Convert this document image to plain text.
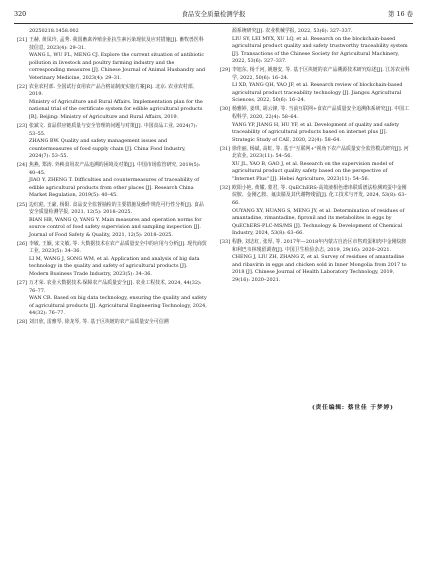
320	食品安全质量检测学报	第 16 卷
20250218.1458.002
[21] 王赫, 黄凤玲, 孟秀. 我国畜禽养殖企业抗生素污染现状及应对措施[J]. 畜牧兽医科技信息, 2023(4): 29–31.
WANG L, WU FL, MENG CJ. Explore the current situation of antibiotic pollution in livestock and poultry farming industry and the corresponding measures [J]. Chinese Journal of Animal Husbandry and Veterinary Medicine, 2023(4): 29–31.
[22] 农业农村部. 全国试行食用农产品合格证制度实施方案[R]. 北京: 农业农村部, 2019.
Ministry of Agriculture and Rural Affairs. Implementation plan for the national trial of the certificate system for edible agricultural products [R]. Beijing: Ministry of Agriculture and Rural Affairs, 2019.
[23] 张斌文. 食品供应链质量与安全管理的问题与对策[J]. 中国食品工业, 2024(7): 53–55.
ZHANG BW. Quality and safety management issues and countermeasures of food supply chain [J]. China Food Industry, 2024(7): 53–55.
[24] 焦燕, 郑涛. 外秧食用农产品追溯的困境及对策[J]. 中国市场监管研究, 2019(5): 40–45.
JIAO Y, ZHENG T. Difficulties and countermeasures of traceability of edible agricultural products from other places [J]. Research China Market Regulation, 2019(5): 40–45.
[25] 边红彪, 王豪, 杨阳. 食品安全监督抽检的主要措施及操作规范可行性分析[J]. 食品安全质量检测学报, 2021, 12(5): 2018–2025.
BIAN HB, WANG Q, YANG Y. Main measures and operation norms for source control of food safety supervision and sampling inspection [J]. Journal of Food Safety & Quality, 2021, 12(5): 2018–2025.
[26] 李敏, 王颖, 宋文敏, 等. 大数据技术在农产品质量安全中的应用与分析[J]. 现代商贸工业, 2023(5): 34–36.
LI M, WANG J, SONG WM, et al. Application and analysis of big data technology in the quality and safety of agricultural products [J]. Modern Business Trade Industry, 2023(5): 34–36.
[27] 万才荣. 农业大数据技术:保障农产品质量安全[J]. 农业工程技术, 2024, 44(32): 76–77.
WAN CR. Based on big data technology, ensuring the quality and safety of agricultural products [J]. Agricultural Engineering Technology, 2024, 44(32): 76–77.
[28] 刘日欣, 雷雅琴, 徐龙琴, 等. 基于区块链的农产品质量安全可信溯
源系统研究[J]. 农业机械学报, 2022, 53(6): 327–337.
LIU SY, LEI MYX, XU LQ, et al. Research on the blockchain-based agricultural product quality and safety trustworthy traceability system [J]. Transactions of the Chinese Society for Agricultural Machinery, 2022, 53(6): 327–337.
[29] 李旭东, 杨千河, 姚惠安, 等. 基于区块链的农产品溯源技术研究综述[J]. 江苏农业科学, 2022, 50(6): 16–24.
LI XD, YANG QH, YAO JF, et al. Research review of blockchain-based agricultural product traceability technology [J]. Jiangsu Agricultural Sciences, 2022, 50(6): 16–24.
[30] 杨雅婷, 姜琪, 胡云锋, 等. 当前互联网+食农产品质量安全追溯体系研究[J]. 中国工程科学, 2020, 22(4): 58–64.
YANG YP, JIANG H, HU YF, et al. Development of quality and safety traceability of agricultural products based on internet plus [J]. Strategic Study of CAE, 2020, 22(4): 58–64.
[31] 徐佳丽, 杨斌, 高虹, 等. 基于"互联网+"视角下农产品质量安全监管模式研究[J]. 河北农业, 2023(11): 54–56.
XU JL, YAO B, GAO J, et al. Research on the supervision model of agricultural product quality safety based on the perspective of "Internet Plus" [J]. Hebei Agriculture, 2023(11): 54–56.
[32] 欧阳小艳, 黄耀, 蒙君, 等. QuEChERS-高效液相色谱串联质谱法检测鸡蛋中金刚烷胺、金刚乙胺、氟虫腈及其代谢物残留[J]. 化工技术与开发, 2024, 53(8): 63–66.
OUYANG XY, HUANG S, MENG JY, et al. Determination of residues of amantadine, rimantadine, fipronil and its metabolites in eggs by QuEChERS-PLC-MS/MS [J]. Technology & Development of Chemical Industry, 2024, 53(8): 63–66.
[33] 程静, 刘志红, 张厚, 等. 2017年—2018年内蒙古自治区市售鸡蛋和肉中金刚烷胺和利巴韦林残留调查[J]. 中国卫生检验杂志, 2019, 29(16): 2020–2021.
CHENG J, LIU ZH, ZHANG Z, et al. Survey of residues of amantadine and ribavirin in eggs and chicken sold in Inner Mongolia from 2017 to 2018 [J]. Chinese Journal of Health Laboratory Technology, 2019, 29(16): 2020–2021.
(责任编辑: 蔡世佳 于梦婷)
